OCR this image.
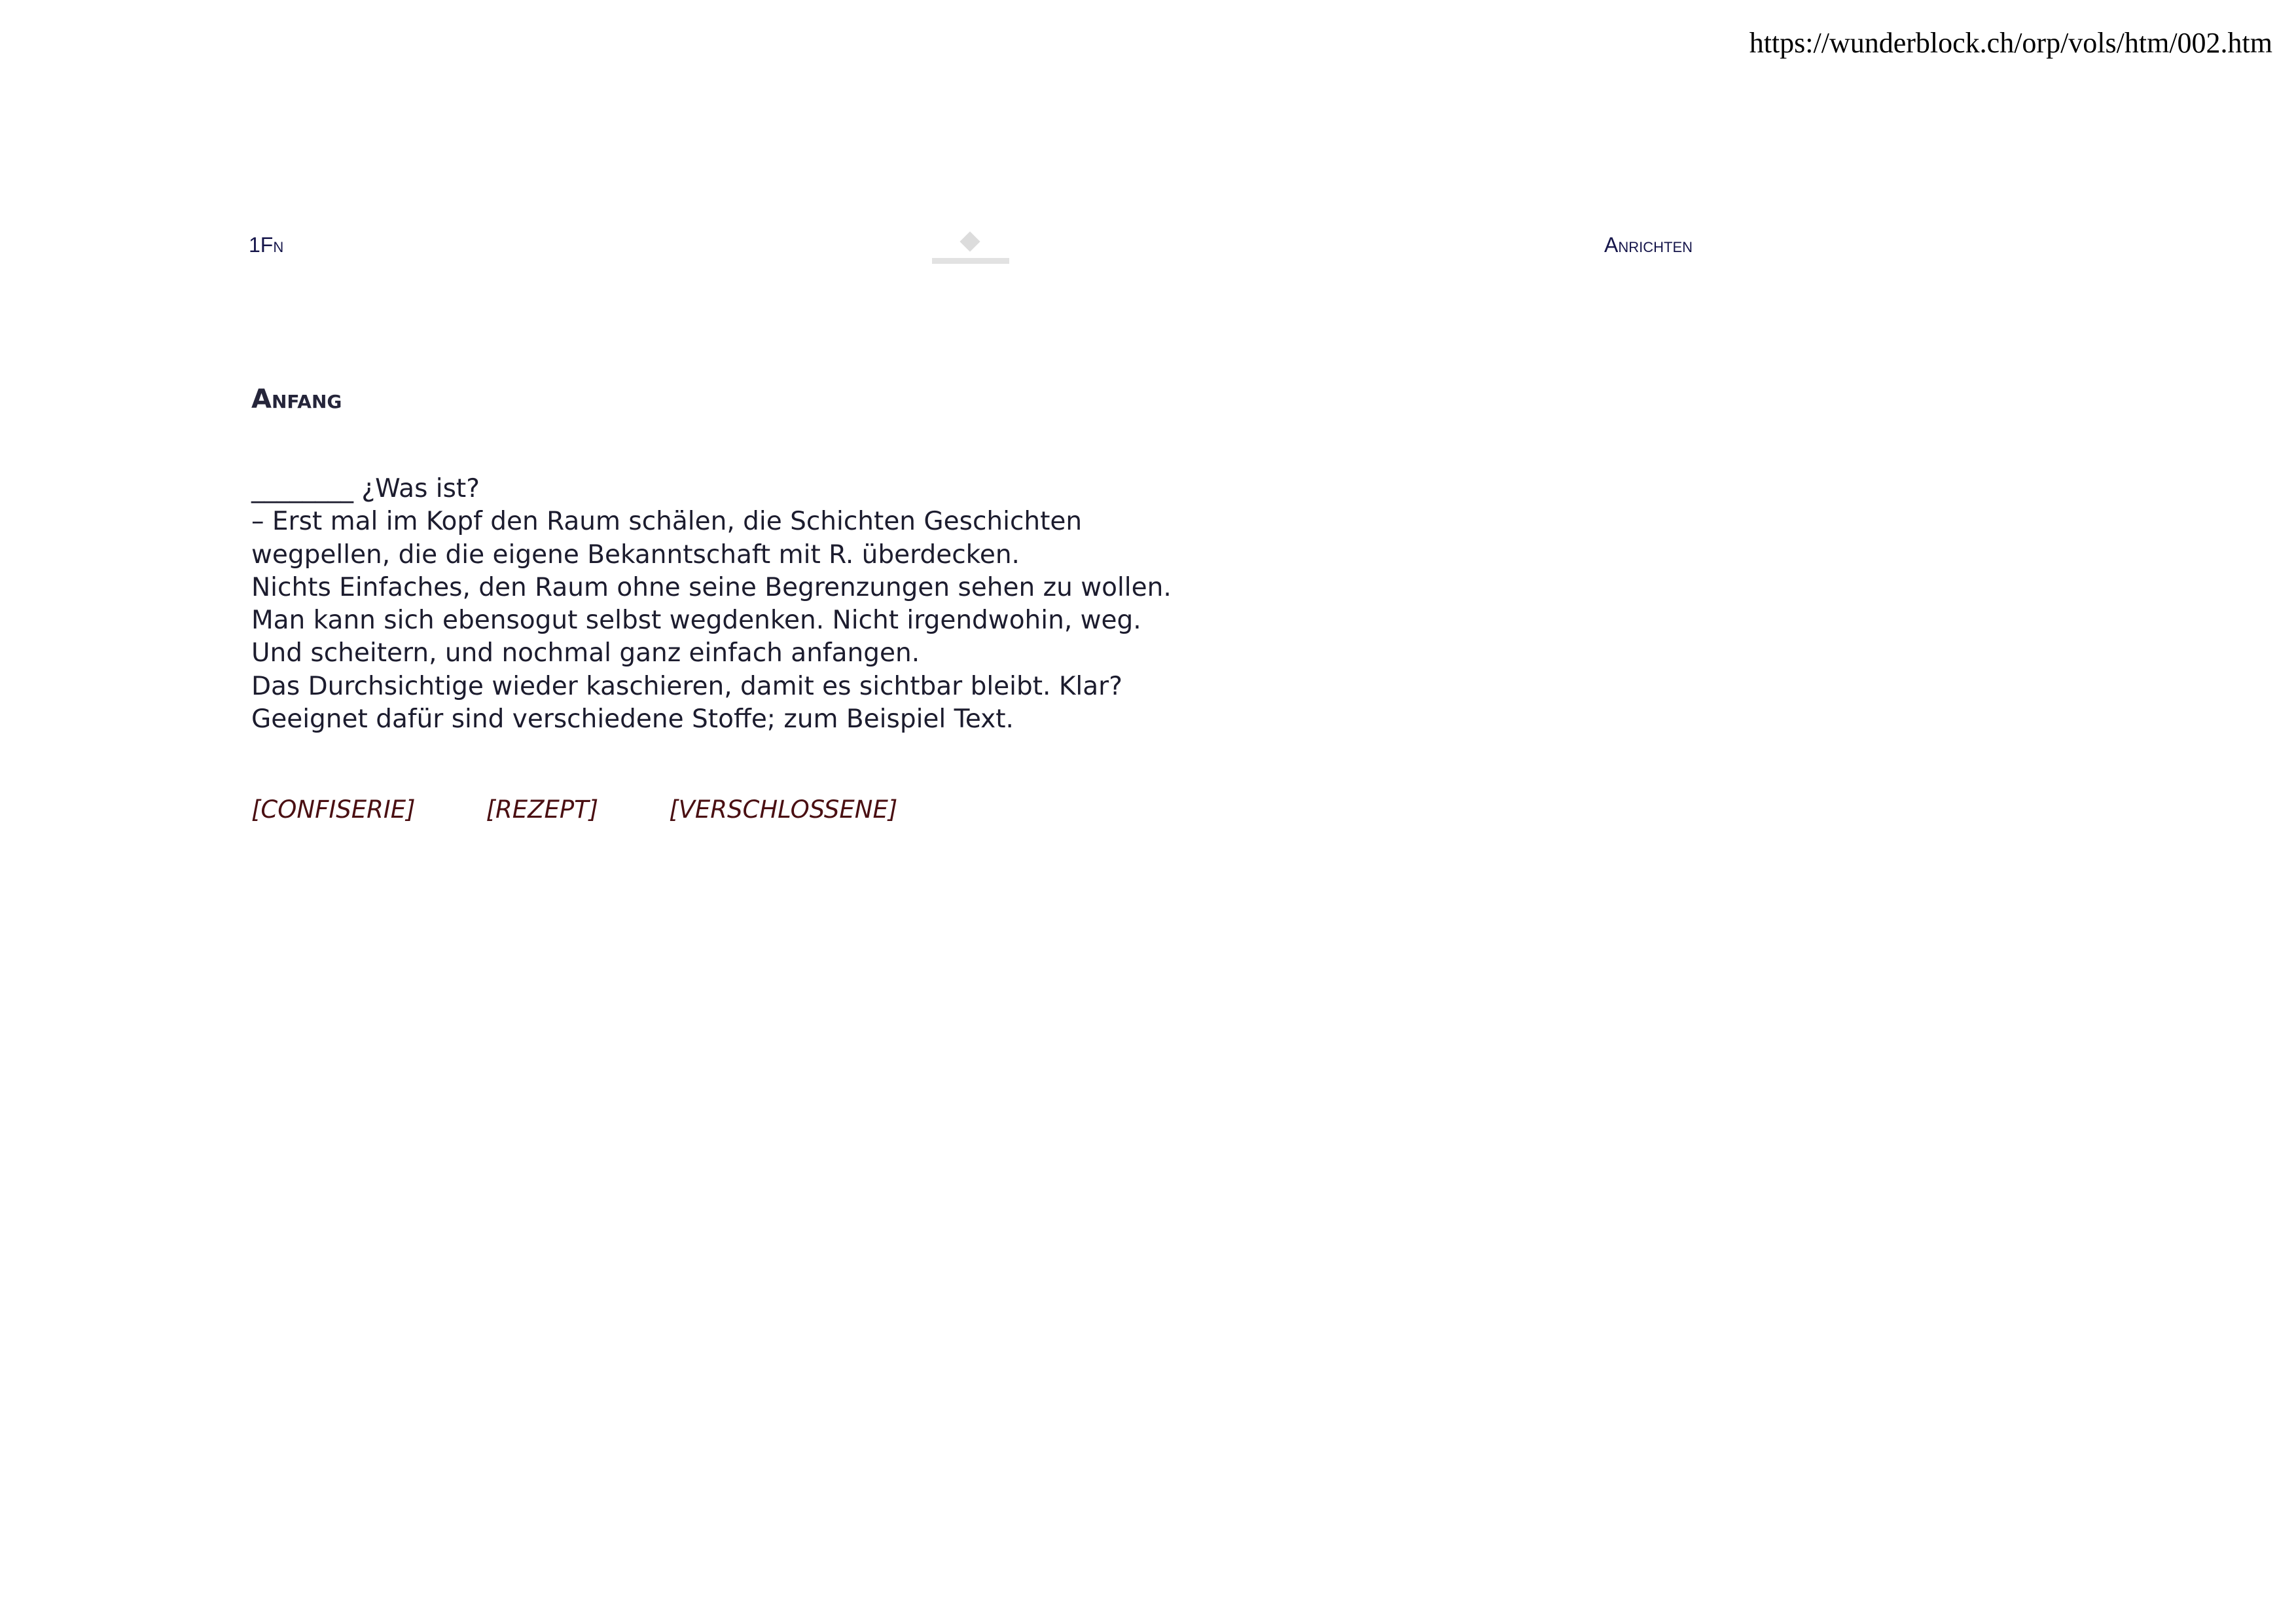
https://wunderblock.ch/orp/vols/htm/002.htm
1Fn	Anrichten
Anfang
________ ¿Was ist?
– Erst mal im Kopf den Raum schälen, die Schichten Geschichten
wegpellen, die die eigene Bekanntschaft mit R. überdecken.
Nichts Einfaches, den Raum ohne seine Begrenzungen sehen zu wollen.
Man kann sich ebensogut selbst wegdenken. Nicht irgendwohin, weg.
Und scheitern, und nochmal ganz einfach anfangen.
Das Durchsichtige wieder kaschieren, damit es sichtbar bleibt. Klar?
Geeignet dafür sind verschiedene Stoffe; zum Beispiel Text.
[CONFISERIE]	[REZEPT]	[VERSCHLOSSENE]
